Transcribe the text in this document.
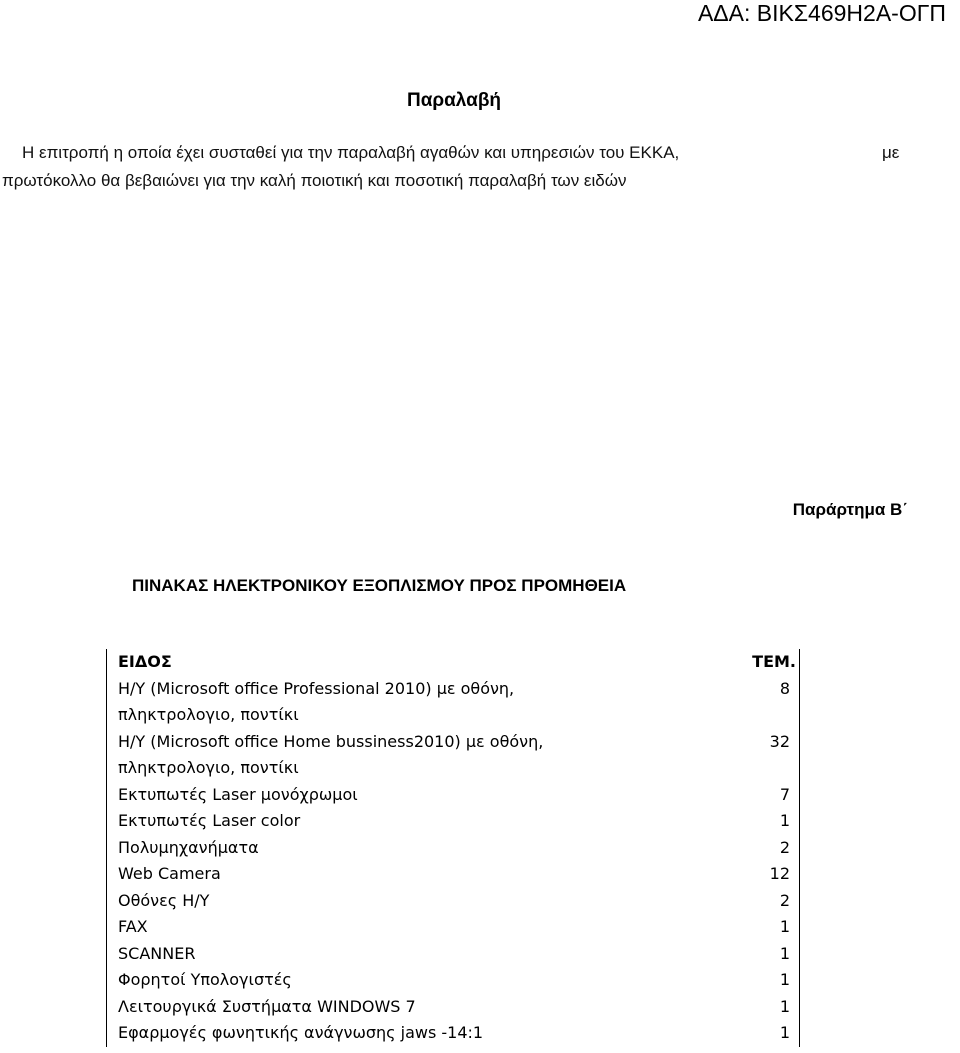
ΑΔΑ: ΒΙΚΣ469Η2Α-ΟΓΠ
Παραλαβή
Η επιτροπή η οποία έχει συσταθεί για την παραλαβή αγαθών και υπηρεσιών του ΕΚΚΑ,	με
πρωτόκολλο θα βεβαιώνει για την καλή ποιοτική και ποσοτική παραλαβή των ειδών
Παράρτημα Β΄
ΠΙΝΑΚΑΣ ΗΛΕΚΤΡΟΝΙΚΟΥ ΕΞΟΠΛΙΣΜΟΥ ΠΡΟΣ ΠΡΟΜΗΘΕΙΑ
ΕΙΔΟΣ	ΤΕΜ.
Η/Υ (Microsoft office Professional 2010) με οθόνη,	8
πληκτρολογιο, ποντίκι
Η/Υ (Microsoft office Home bussiness2010) με οθόνη,	32
πληκτρολογιο, ποντίκι
Εκτυπωτές Laser μονόχρωμοι	7
Εκτυπωτές Laser color	1
Πολυμηχανήματα	2
Web Camera	12
Οθόνες Η/Υ	2
FAX	1
SCANNER	1
Φορητοί Υπολογιστές	1
Λειτουργικά Συστήματα WINDOWS 7	1
Εφαρμογές φωνητικής ανάγνωσης jaws -14:1	1
